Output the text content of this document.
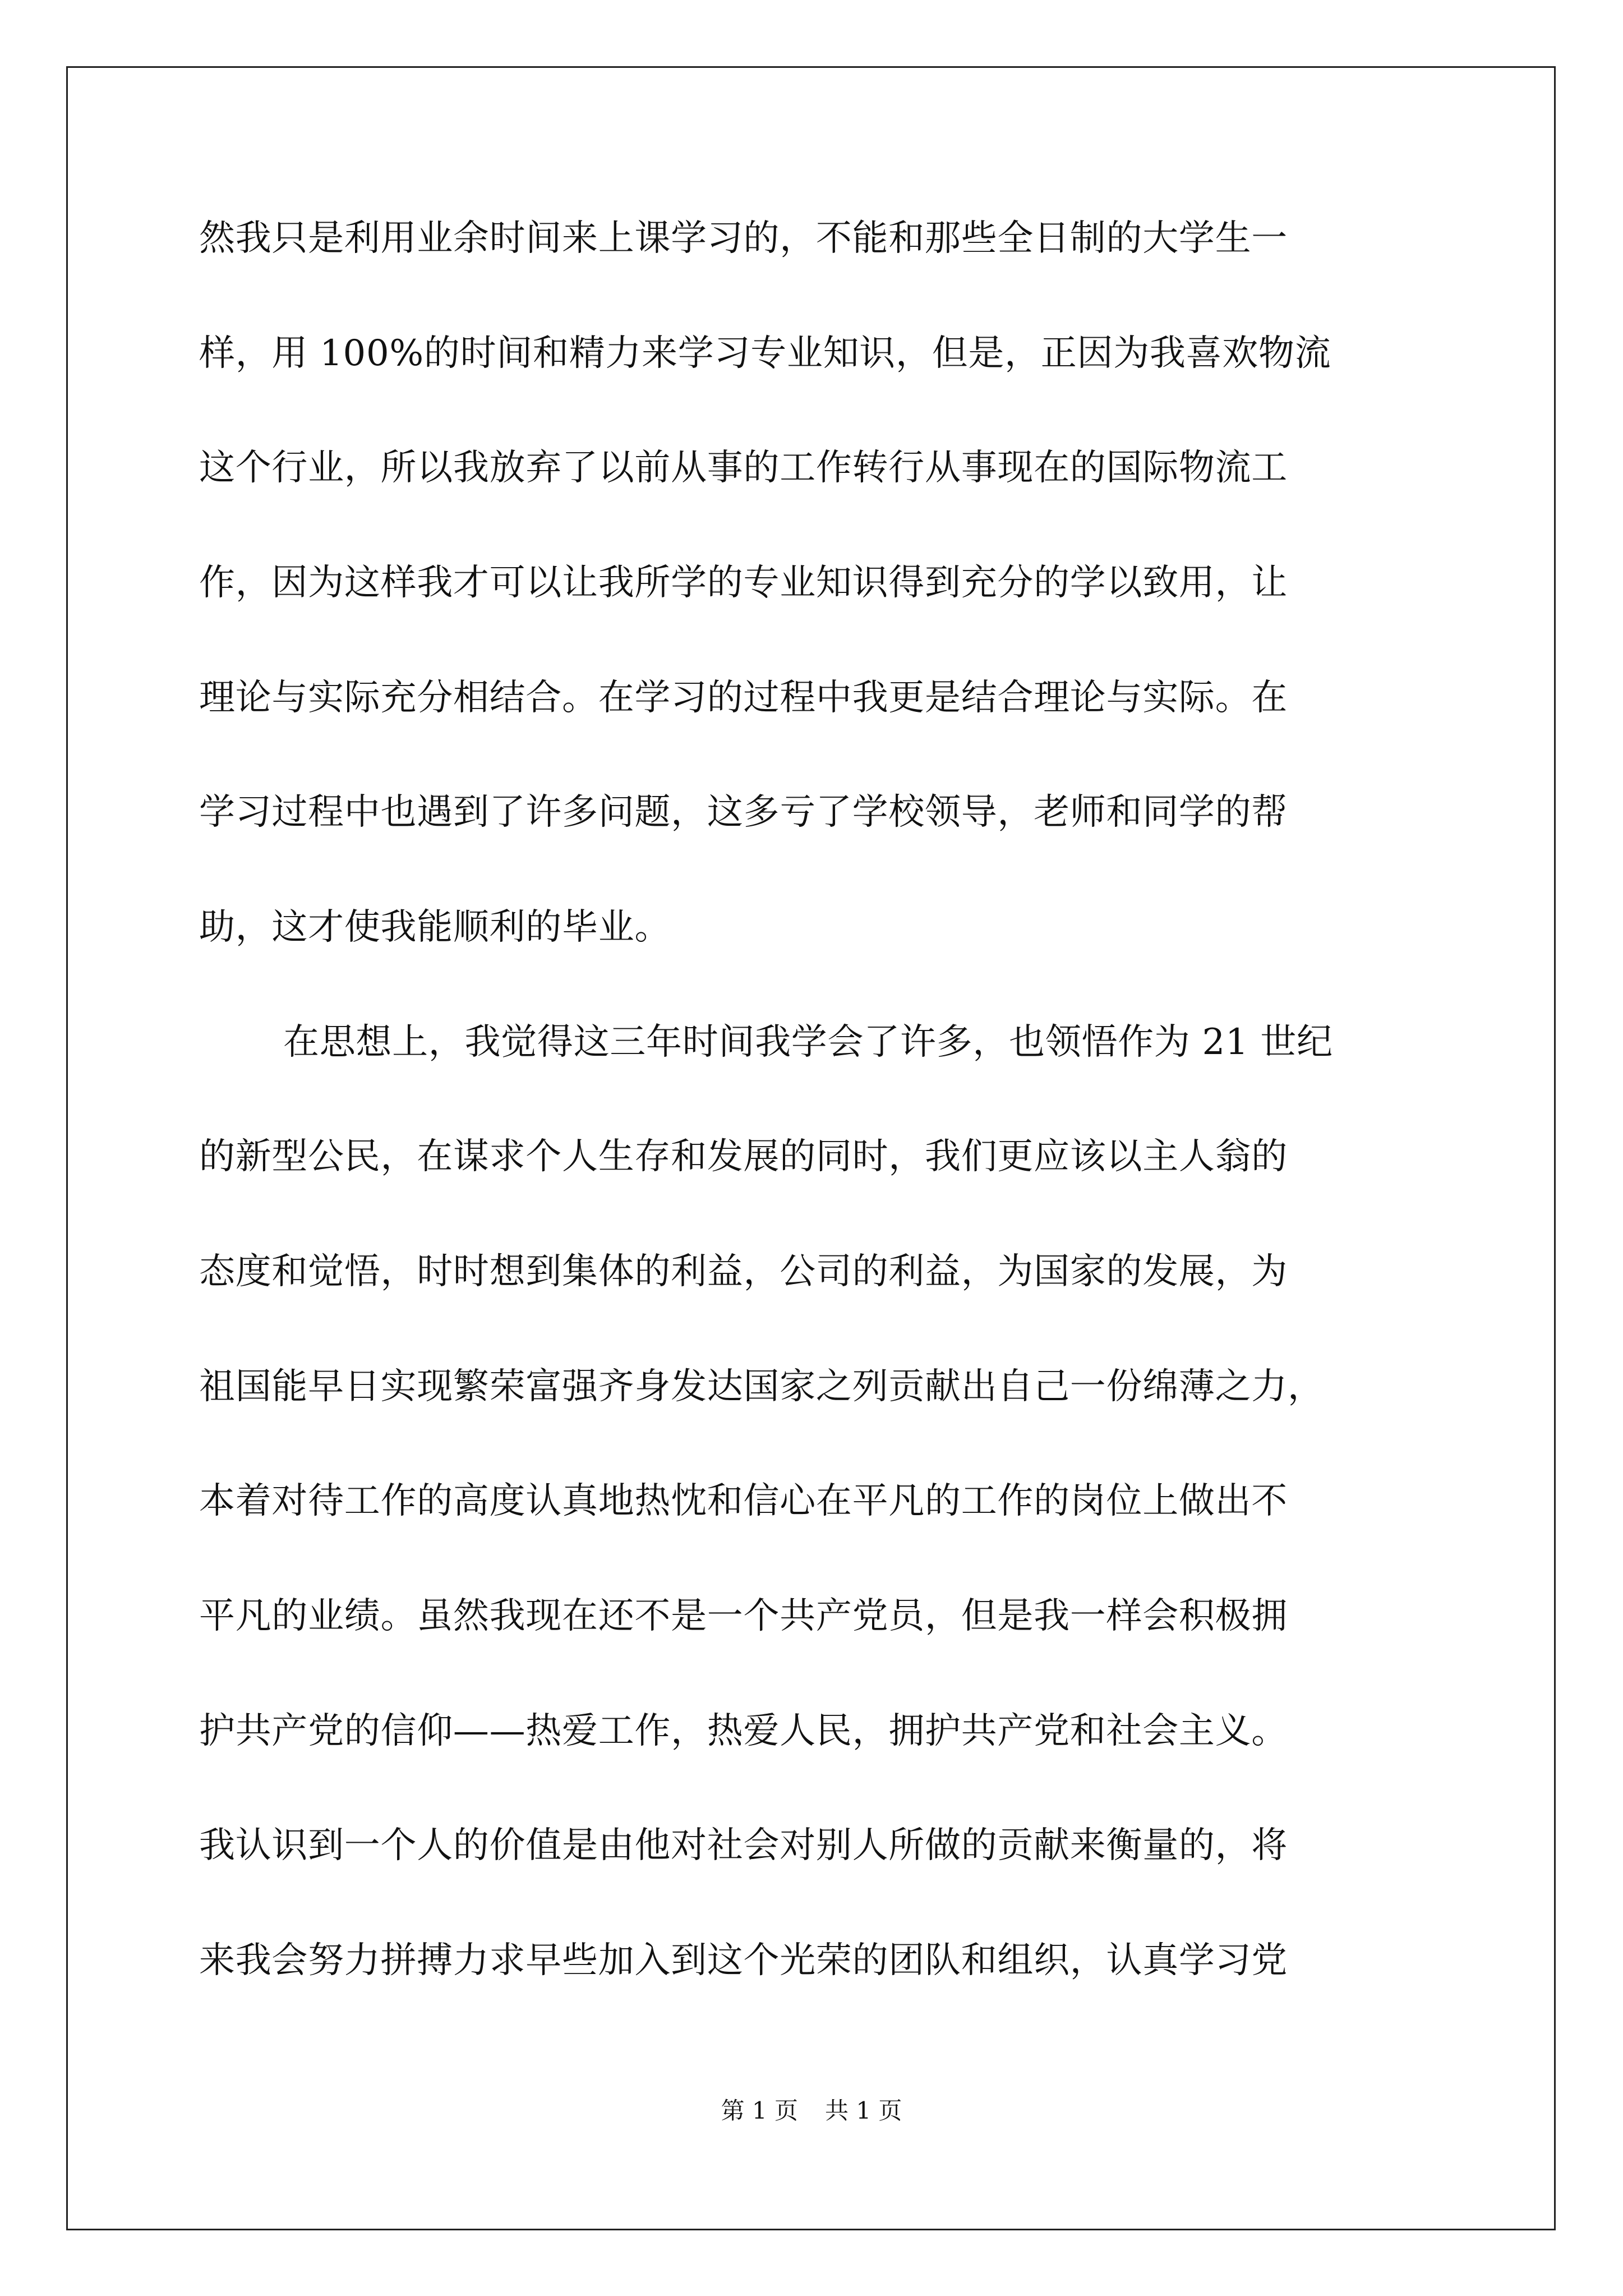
然我只是利用业余时间来上课学习的，不能和那些全日制的大学生一
样，用 100%的时间和精力来学习专业知识，但是，正因为我喜欢物流
这个行业，所以我放弃了以前从事的工作转行从事现在的国际物流工
作，因为这样我才可以让我所学的专业知识得到充分的学以致用，让
理论与实际充分相结合。在学习的过程中我更是结合理论与实际。在
学习过程中也遇到了许多问题，这多亏了学校领导，老师和同学的帮
助，这才使我能顺利的毕业。
在思想上，我觉得这三年时间我学会了许多，也领悟作为 21 世纪
的新型公民，在谋求个人生存和发展的同时，我们更应该以主人翁的
态度和觉悟，时时想到集体的利益，公司的利益，为国家的发展，为
祖国能早日实现繁荣富强齐身发达国家之列贡献出自己一份绵薄之力，
本着对待工作的高度认真地热忱和信心在平凡的工作的岗位上做出不
平凡的业绩。虽然我现在还不是一个共产党员，但是我一样会积极拥
护共产党的信仰——热爱工作，热爱人民，拥护共产党和社会主义。
我认识到一个人的价值是由他对社会对别人所做的贡献来衡量的，将
来我会努力拼搏力求早些加入到这个光荣的团队和组织，认真学习党
第 1 页 共 1 页
